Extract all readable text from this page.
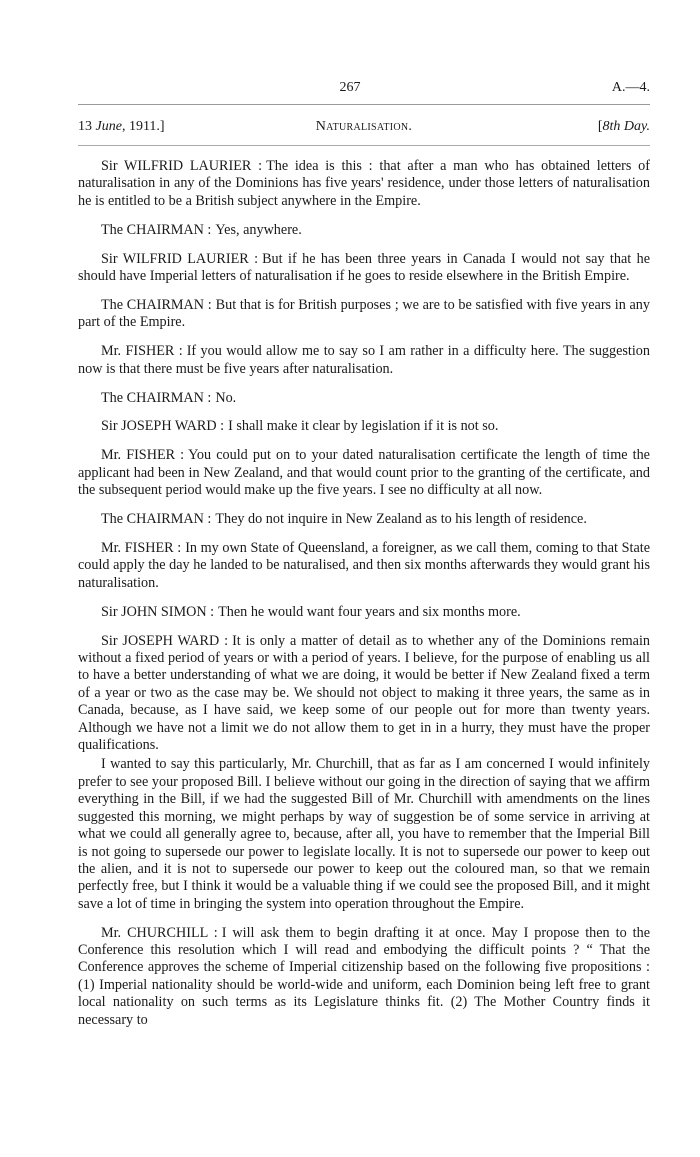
267	A.—4.
13 June, 1911.]	Naturalisation.	[8th Day.

Sir WILFRID LAURIER : The idea is this : that after a man who has obtained letters of naturalisation in any of the Dominions has five years' residence, under those letters of naturalisation he is entitled to be a British subject anywhere in the Empire.

The CHAIRMAN : Yes, anywhere.

Sir WILFRID LAURIER : But if he has been three years in Canada I would not say that he should have Imperial letters of naturalisation if he goes to reside elsewhere in the British Empire.

The CHAIRMAN : But that is for British purposes ; we are to be satisfied with five years in any part of the Empire.

Mr. FISHER : If you would allow me to say so I am rather in a difficulty here. The suggestion now is that there must be five years after naturalisation.

The CHAIRMAN : No.

Sir JOSEPH WARD : I shall make it clear by legislation if it is not so.

Mr. FISHER : You could put on to your dated naturalisation certificate the length of time the applicant had been in New Zealand, and that would count prior to the granting of the certificate, and the subsequent period would make up the five years. I see no difficulty at all now.

The CHAIRMAN : They do not inquire in New Zealand as to his length of residence.

Mr. FISHER : In my own State of Queensland, a foreigner, as we call them, coming to that State could apply the day he landed to be naturalised, and then six months afterwards they would grant his naturalisation.

Sir JOHN SIMON : Then he would want four years and six months more.

Sir JOSEPH WARD : It is only a matter of detail as to whether any of the Dominions remain without a fixed period of years or with a period of years. I believe, for the purpose of enabling us all to have a better understanding of what we are doing, it would be better if New Zealand fixed a term of a year or two as the case may be. We should not object to making it three years, the same as in Canada, because, as I have said, we keep some of our people out for more than twenty years. Although we have not a limit we do not allow them to get in in a hurry, they must have the proper qualifications.

I wanted to say this particularly, Mr. Churchill, that as far as I am concerned I would infinitely prefer to see your proposed Bill. I believe without our going in the direction of saying that we affirm everything in the Bill, if we had the suggested Bill of Mr. Churchill with amendments on the lines suggested this morning, we might perhaps by way of suggestion be of some service in arriving at what we could all generally agree to, because, after all, you have to remember that the Imperial Bill is not going to supersede our power to legislate locally. It is not to supersede our power to keep out the alien, and it is not to supersede our power to keep out the coloured man, so that we remain perfectly free, but I think it would be a valuable thing if we could see the proposed Bill, and it might save a lot of time in bringing the system into operation throughout the Empire.

Mr. CHURCHILL : I will ask them to begin drafting it at once. May I propose then to the Conference this resolution which I will read and embodying the difficult points ? “ That the Conference approves the scheme of Imperial citizenship based on the following five propositions : (1) Imperial nationality should be world-wide and uniform, each Dominion being left free to grant local nationality on such terms as its Legislature thinks fit. (2) The Mother Country finds it necessary to
